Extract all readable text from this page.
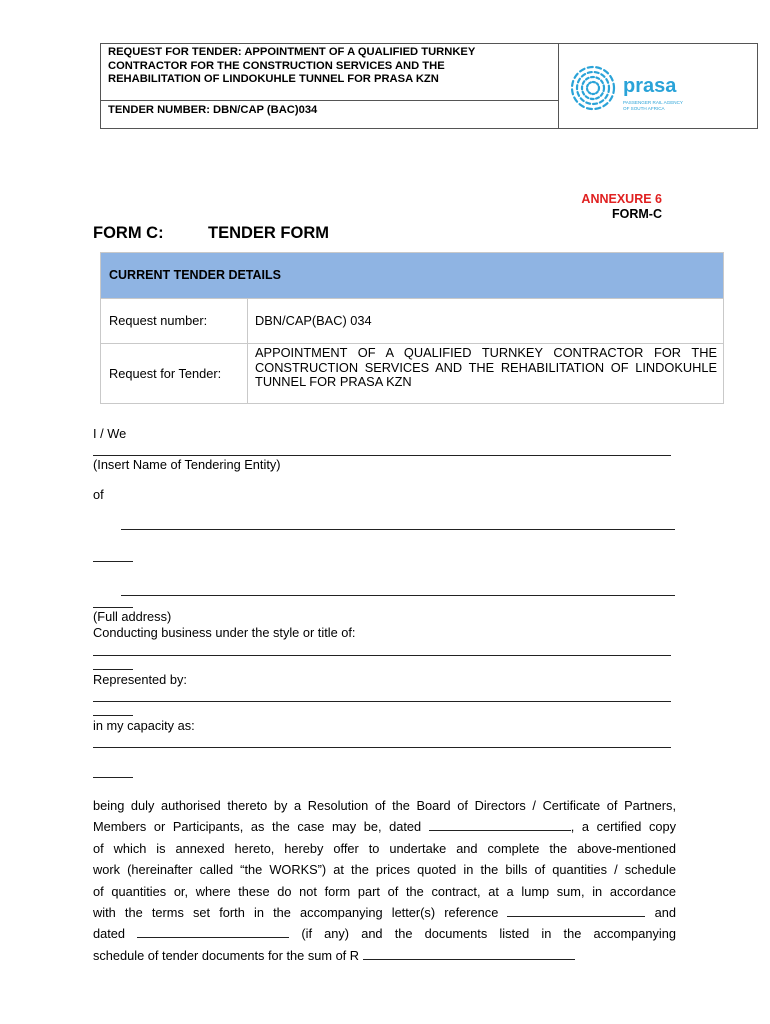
REQUEST FOR TENDER: APPOINTMENT OF A QUALIFIED TURNKEY
CONTRACTOR FOR THE CONSTRUCTION SERVICES AND THE
REHABILITATION OF LINDOKUHLE TUNNEL FOR PRASA KZN
TENDER NUMBER: DBN/CAP (BAC)034
prasa
PASSENGER RAIL AGENCY
OF SOUTH AFRICA
ANNEXURE 6
FORM-C
FORM C:	TENDER FORM
CURRENT TENDER DETAILS
Request number:	DBN/CAP(BAC) 034
Request for Tender:
APPOINTMENT OF A QUALIFIED TURNKEY CONTRACTOR FOR THE CONSTRUCTION SERVICES AND THE REHABILITATION OF LINDOKUHLE TUNNEL FOR PRASA KZN
I / We
(Insert Name of Tendering Entity)
of
(Full address)
Conducting business under the style or title of:
Represented by:
in my capacity as:
being duly authorised thereto by a Resolution of the Board of Directors / Certificate of Partners,
Members or Participants, as the case may be, dated	, a certified copy
of which is annexed hereto, hereby offer to undertake and complete the above-mentioned
work (hereinafter called “the WORKS”) at the prices quoted in the bills of quantities / schedule
of quantities or, where these do not form part of the contract, at a lump sum, in accordance
with the terms set forth in the accompanying letter(s) reference	and
dated	(if any) and the documents listed in the accompanying
schedule of tender documents for the sum of R
